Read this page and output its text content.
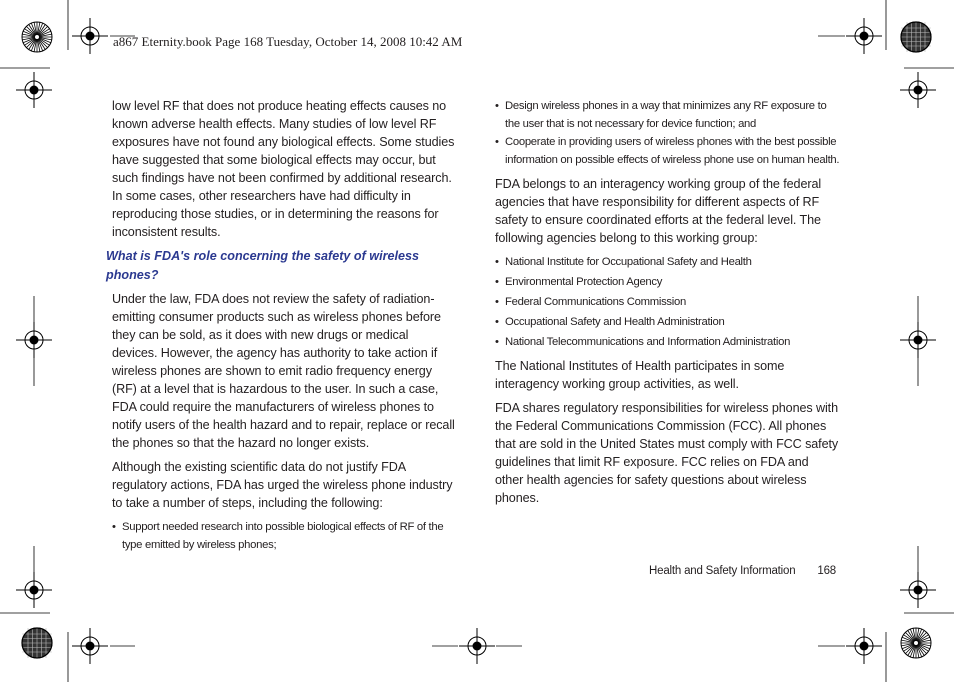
a867 Eternity.book Page 168 Tuesday, October 14, 2008 10:42 AM

low level RF that does not produce heating effects causes no known adverse health effects. Many studies of low level RF exposures have not found any biological effects. Some studies have suggested that some biological effects may occur, but such findings have not been confirmed by additional research. In some cases, other researchers have had difficulty in reproducing those studies, or in determining the reasons for inconsistent results.

What is FDA's role concerning the safety of wireless phones?

Under the law, FDA does not review the safety of radiation-emitting consumer products such as wireless phones before they can be sold, as it does with new drugs or medical devices. However, the agency has authority to take action if wireless phones are shown to emit radio frequency energy (RF) at a level that is hazardous to the user. In such a case, FDA could require the manufacturers of wireless phones to notify users of the health hazard and to repair, replace or recall the phones so that the hazard no longer exists.

Although the existing scientific data do not justify FDA regulatory actions, FDA has urged the wireless phone industry to take a number of steps, including the following:

• Support needed research into possible biological effects of RF of the type emitted by wireless phones;
• Design wireless phones in a way that minimizes any RF exposure to the user that is not necessary for device function; and
• Cooperate in providing users of wireless phones with the best possible information on possible effects of wireless phone use on human health.

FDA belongs to an interagency working group of the federal agencies that have responsibility for different aspects of RF safety to ensure coordinated efforts at the federal level. The following agencies belong to this working group:

• National Institute for Occupational Safety and Health
• Environmental Protection Agency
• Federal Communications Commission
• Occupational Safety and Health Administration
• National Telecommunications and Information Administration

The National Institutes of Health participates in some interagency working group activities, as well.

FDA shares regulatory responsibilities for wireless phones with the Federal Communications Commission (FCC). All phones that are sold in the United States must comply with FCC safety guidelines that limit RF exposure. FCC relies on FDA and other health agencies for safety questions about wireless phones.

Health and Safety Information 168
